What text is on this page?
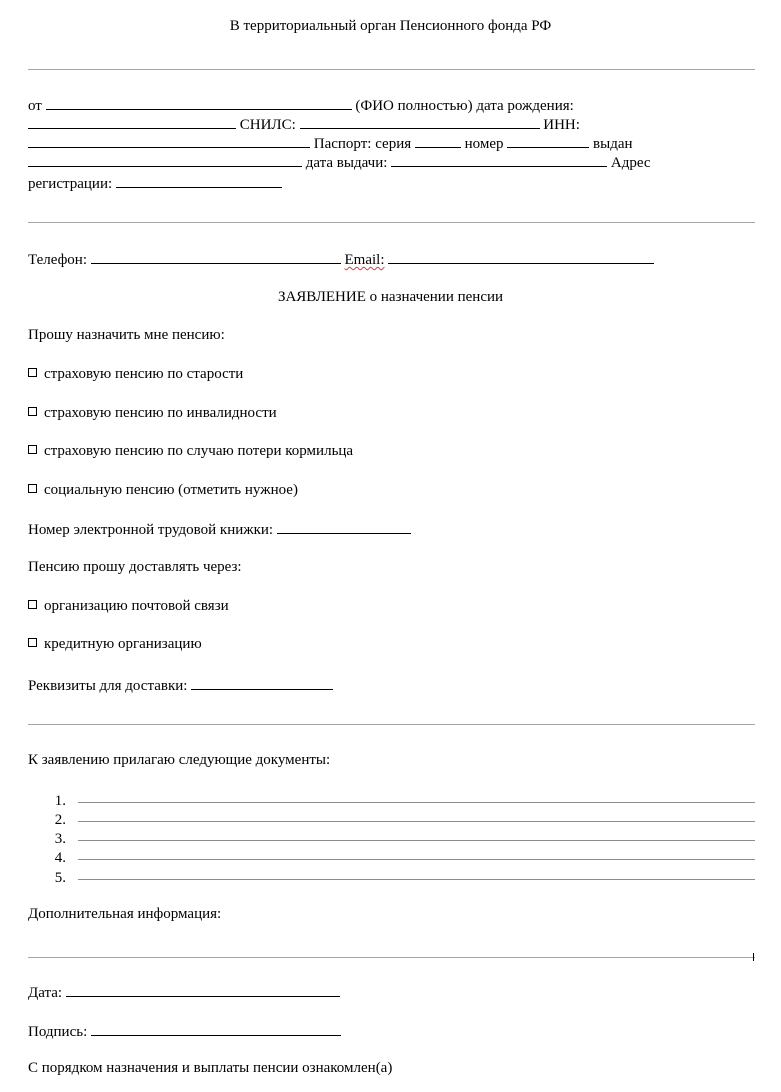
В территориальный орган Пенсионного фонда РФ
от	(ФИО полностью) дата рождения:
СНИЛС:	ИНН:
Паспорт: серия	номер	выдан
дата выдачи:	Адрес
регистрации:
Телефон:	Email:
ЗАЯВЛЕНИЕ о назначении пенсии
Прошу назначить мне пенсию:
страховую пенсию по старости
страховую пенсию по инвалидности
страховую пенсию по случаю потери кормильца
социальную пенсию (отметить нужное)
Номер электронной трудовой книжки:
Пенсию прошу доставлять через:
организацию почтовой связи
кредитную организацию
Реквизиты для доставки:
К заявлению прилагаю следующие документы:
1.
2.
3.
4.
5.
Дополнительная информация:
Дата:
Подпись:
С порядком назначения и выплаты пенсии ознакомлен(а)
